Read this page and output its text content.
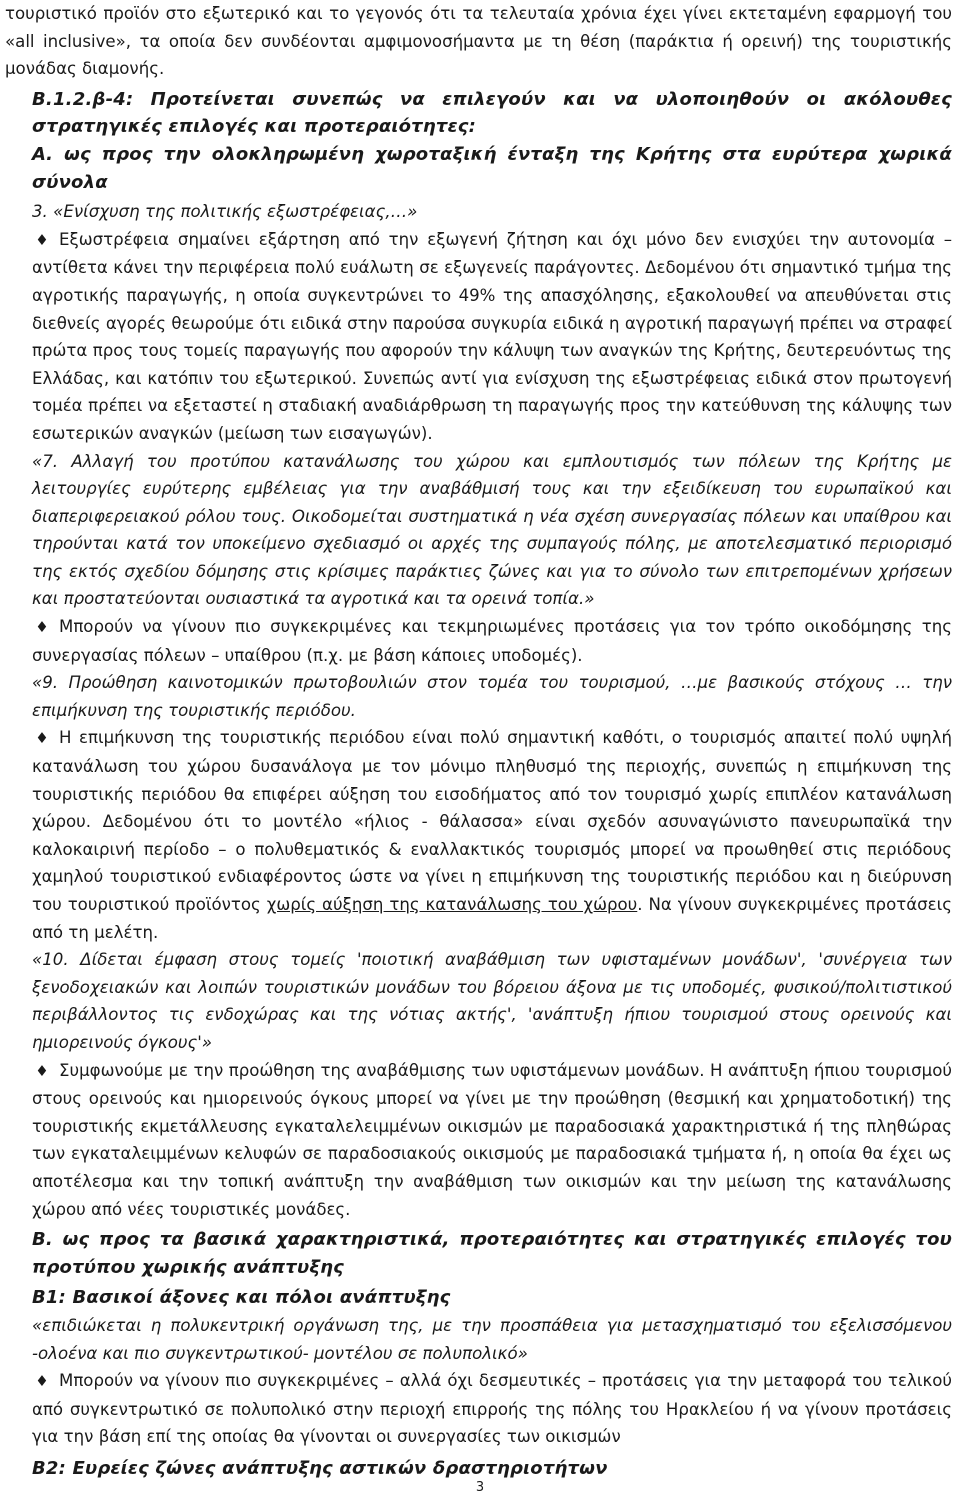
τουριστικό προϊόν στο εξωτερικό και το γεγονός ότι τα τελευταία χρόνια έχει γίνει εκτεταμένη εφαρμογή του «all inclusive», τα οποία δεν συνδέονται αμφιμονοσήμαντα με τη θέση (παράκτια ή ορεινή) της τουριστικής μονάδας διαμονής.

Β.1.2.β-4: Προτείνεται συνεπώς να επιλεγούν και να υλοποιηθούν οι ακόλουθες στρατηγικές επιλογές και προτεραιότητες:

Α. ως προς την ολοκληρωμένη χωροταξική ένταξη της Κρήτης στα ευρύτερα χωρικά σύνολα

3. «Ενίσχυση της πολιτικής εξωστρέφειας,…»

♦ Εξωστρέφεια σημαίνει εξάρτηση από την εξωγενή ζήτηση και όχι μόνο δεν ενισχύει την αυτονομία – αντίθετα κάνει την περιφέρεια πολύ ευάλωτη σε εξωγενείς παράγοντες. Δεδομένου ότι σημαντικό τμήμα της αγροτικής παραγωγής, η οποία συγκεντρώνει το 49% της απασχόλησης, εξακολουθεί να απευθύνεται στις διεθνείς αγορές θεωρούμε ότι ειδικά στην παρούσα συγκυρία ειδικά η αγροτική παραγωγή πρέπει να στραφεί πρώτα προς τους τομείς παραγωγής που αφορούν την κάλυψη των αναγκών της Κρήτης, δευτερευόντως της Ελλάδας, και κατόπιν του εξωτερικού. Συνεπώς αντί για ενίσχυση της εξωστρέφειας ειδικά στον πρωτογενή τομέα πρέπει να εξεταστεί η σταδιακή αναδιάρθρωση τη παραγωγής προς την κατεύθυνση της κάλυψης των εσωτερικών αναγκών (μείωση των εισαγωγών).

«7. Αλλαγή του προτύπου κατανάλωσης του χώρου και εμπλουτισμός των πόλεων της Κρήτης με λειτουργίες ευρύτερης εμβέλειας για την αναβάθμισή τους και την εξειδίκευση του ευρωπαϊκού και διαπεριφερειακού ρόλου τους. Οικοδομείται συστηματικά η νέα σχέση συνεργασίας πόλεων και υπαίθρου και τηρούνται κατά τον υποκείμενο σχεδιασμό οι αρχές της συμπαγούς πόλης, με αποτελεσματικό περιορισμό της εκτός σχεδίου δόμησης στις κρίσιμες παράκτιες ζώνες και για το σύνολο των επιτρεπομένων χρήσεων και προστατεύονται ουσιαστικά τα αγροτικά και τα ορεινά τοπία.»

♦ Μπορούν να γίνουν πιο συγκεκριμένες και τεκμηριωμένες προτάσεις για τον τρόπο οικοδόμησης της συνεργασίας πόλεων – υπαίθρου (π.χ. με βάση κάποιες υποδομές).

«9. Προώθηση καινοτομικών πρωτοβουλιών στον τομέα του τουρισμού, …με βασικούς στόχους … την επιμήκυνση της τουριστικής περιόδου.

♦ Η επιμήκυνση της τουριστικής περιόδου είναι πολύ σημαντική καθότι, ο τουρισμός απαιτεί πολύ υψηλή κατανάλωση του χώρου δυσανάλογα με τον μόνιμο πληθυσμό της περιοχής, συνεπώς η επιμήκυνση της τουριστικής περιόδου θα επιφέρει αύξηση του εισοδήματος από τον τουρισμό χωρίς επιπλέον κατανάλωση χώρου. Δεδομένου ότι το μοντέλο «ήλιος - θάλασσα» είναι σχεδόν ασυναγώνιστο πανευρωπαϊκά την καλοκαιρινή περίοδο – ο πολυθεματικός & εναλλακτικός τουρισμός μπορεί να προωθηθεί στις περιόδους χαμηλού τουριστικού ενδιαφέροντος ώστε να γίνει η επιμήκυνση της τουριστικής περιόδου και η διεύρυνση του τουριστικού προϊόντος χωρίς αύξηση της κατανάλωσης του χώρου. Να γίνουν συγκεκριμένες προτάσεις από τη μελέτη.

«10. Δίδεται έμφαση στους τομείς 'ποιοτική αναβάθμιση των υφισταμένων μονάδων', 'συνέργεια των ξενοδοχειακών και λοιπών τουριστικών μονάδων του βόρειου άξονα με τις υποδομές, φυσικού/πολιτιστικού περιβάλλοντος τις ενδοχώρας και της νότιας ακτής', 'ανάπτυξη ήπιου τουρισμού στους ορεινούς και ημιορεινούς όγκους'»

♦ Συμφωνούμε με την προώθηση της αναβάθμισης των υφιστάμενων μονάδων. Η ανάπτυξη ήπιου τουρισμού στους ορεινούς και ημιορεινούς όγκους μπορεί να γίνει με την προώθηση (θεσμική και χρηματοδοτική) της τουριστικής εκμετάλλευσης εγκαταλελειμμένων οικισμών με παραδοσιακά χαρακτηριστικά ή της πληθώρας των εγκαταλειμμένων κελυφών σε παραδοσιακούς οικισμούς με παραδοσιακά τμήματα ή, η οποία θα έχει ως αποτέλεσμα και την τοπική ανάπτυξη την αναβάθμιση των οικισμών και την μείωση της κατανάλωσης χώρου από νέες τουριστικές μονάδες.

Β. ως προς τα βασικά χαρακτηριστικά, προτεραιότητες και στρατηγικές επιλογές του προτύπου χωρικής ανάπτυξης

Β1: Βασικοί άξονες και πόλοι ανάπτυξης

«επιδιώκεται η πολυκεντρική οργάνωση της, με την προσπάθεια για μετασχηματισμό του εξελισσόμενου -ολοένα και πιο συγκεντρωτικού- μοντέλου σε πολυπολικό»

♦ Μπορούν να γίνουν πιο συγκεκριμένες – αλλά όχι δεσμευτικές – προτάσεις για την μεταφορά του τελικού από συγκεντρωτικό σε πολυπολικό στην περιοχή επιρροής της πόλης του Ηρακλείου ή να γίνουν προτάσεις για την βάση επί της οποίας θα γίνονται οι συνεργασίες των οικισμών

Β2: Ευρείες ζώνες ανάπτυξης αστικών δραστηριοτήτων

3
